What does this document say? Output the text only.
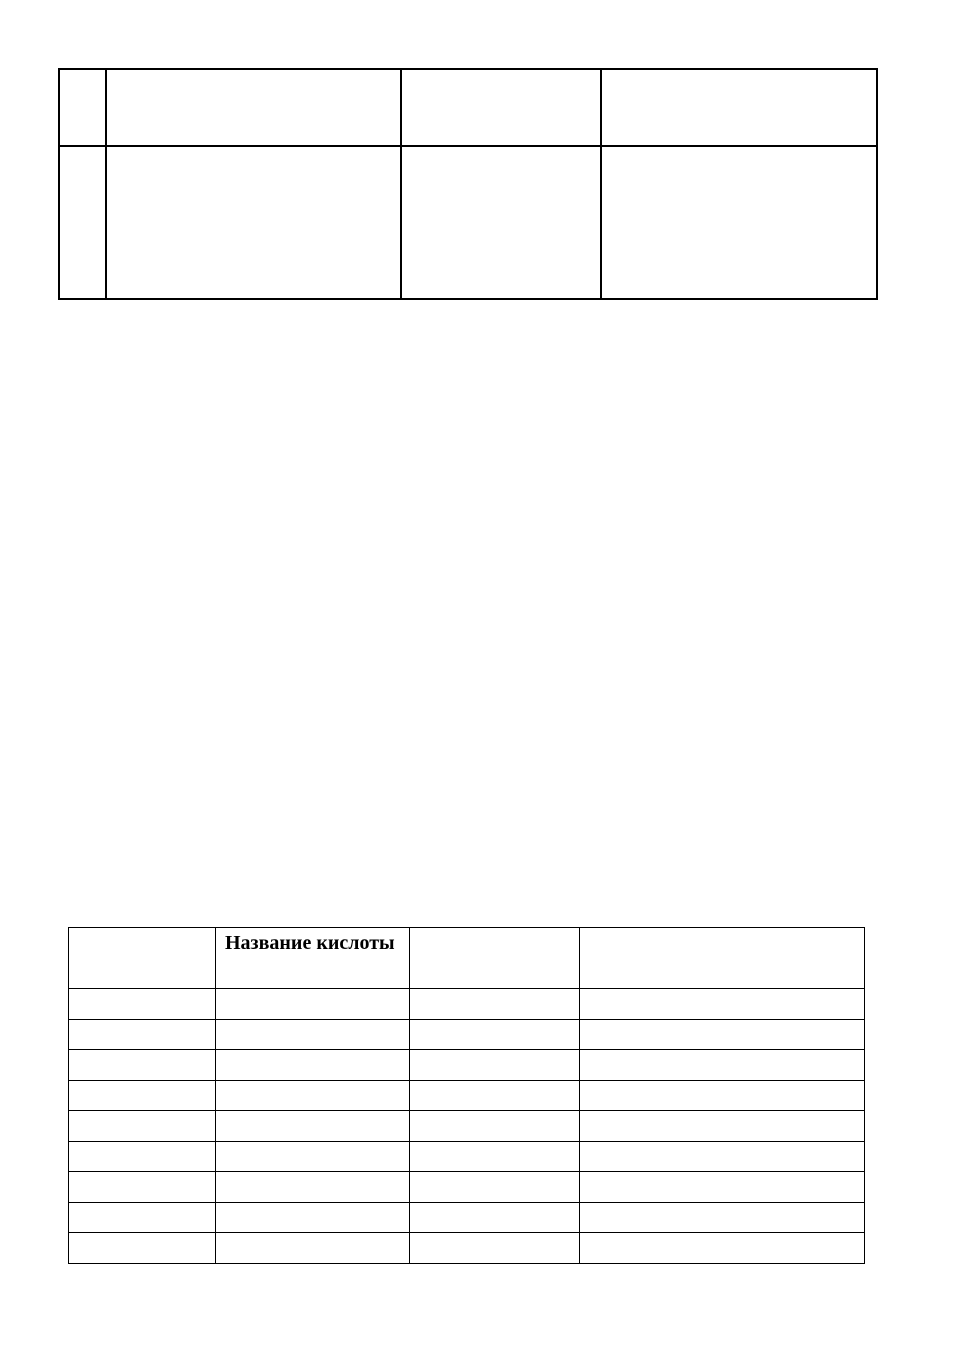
	Название кислоты		
